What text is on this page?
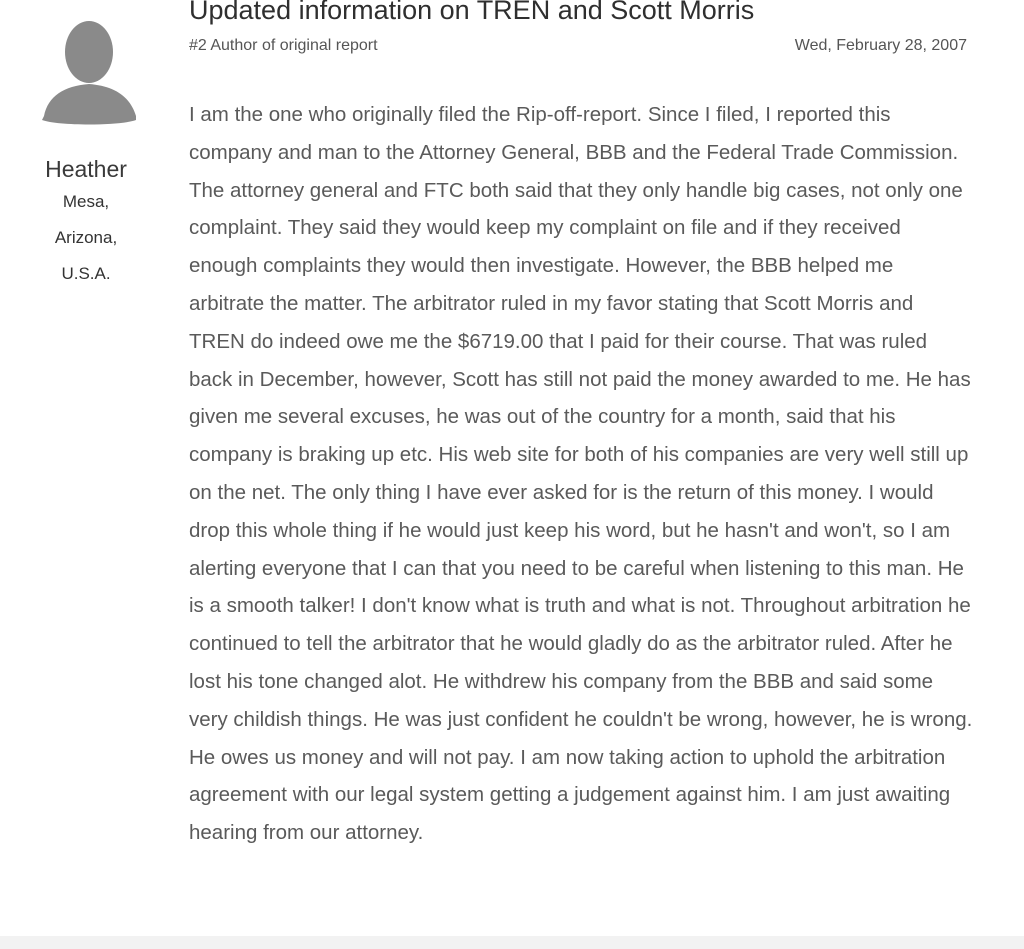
Heather
Mesa,
Arizona,
U.S.A.
Updated information on TREN and Scott Morris
#2 Author of original report	Wed, February 28, 2007

I am the one who originally filed the Rip-off-report. Since I filed, I reported this company and man to the Attorney General, BBB and the Federal Trade Commission. The attorney general and FTC both said that they only handle big cases, not only one complaint. They said they would keep my complaint on file and if they received enough complaints they would then investigate. However, the BBB helped me arbitrate the matter. The arbitrator ruled in my favor stating that Scott Morris and TREN do indeed owe me the $6719.00 that I paid for their course. That was ruled back in December, however, Scott has still not paid the money awarded to me. He has given me several excuses, he was out of the country for a month, said that his company is braking up etc. His web site for both of his companies are very well still up on the net. The only thing I have ever asked for is the return of this money. I would drop this whole thing if he would just keep his word, but he hasn't and won't, so I am alerting everyone that I can that you need to be careful when listening to this man. He is a smooth talker! I don't know what is truth and what is not. Throughout arbitration he continued to tell the arbitrator that he would gladly do as the arbitrator ruled. After he lost his tone changed alot. He withdrew his company from the BBB and said some very childish things. He was just confident he couldn't be wrong, however, he is wrong. He owes us money and will not pay. I am now taking action to uphold the arbitration agreement with our legal system getting a judgement against him. I am just awaiting hearing from our attorney.
